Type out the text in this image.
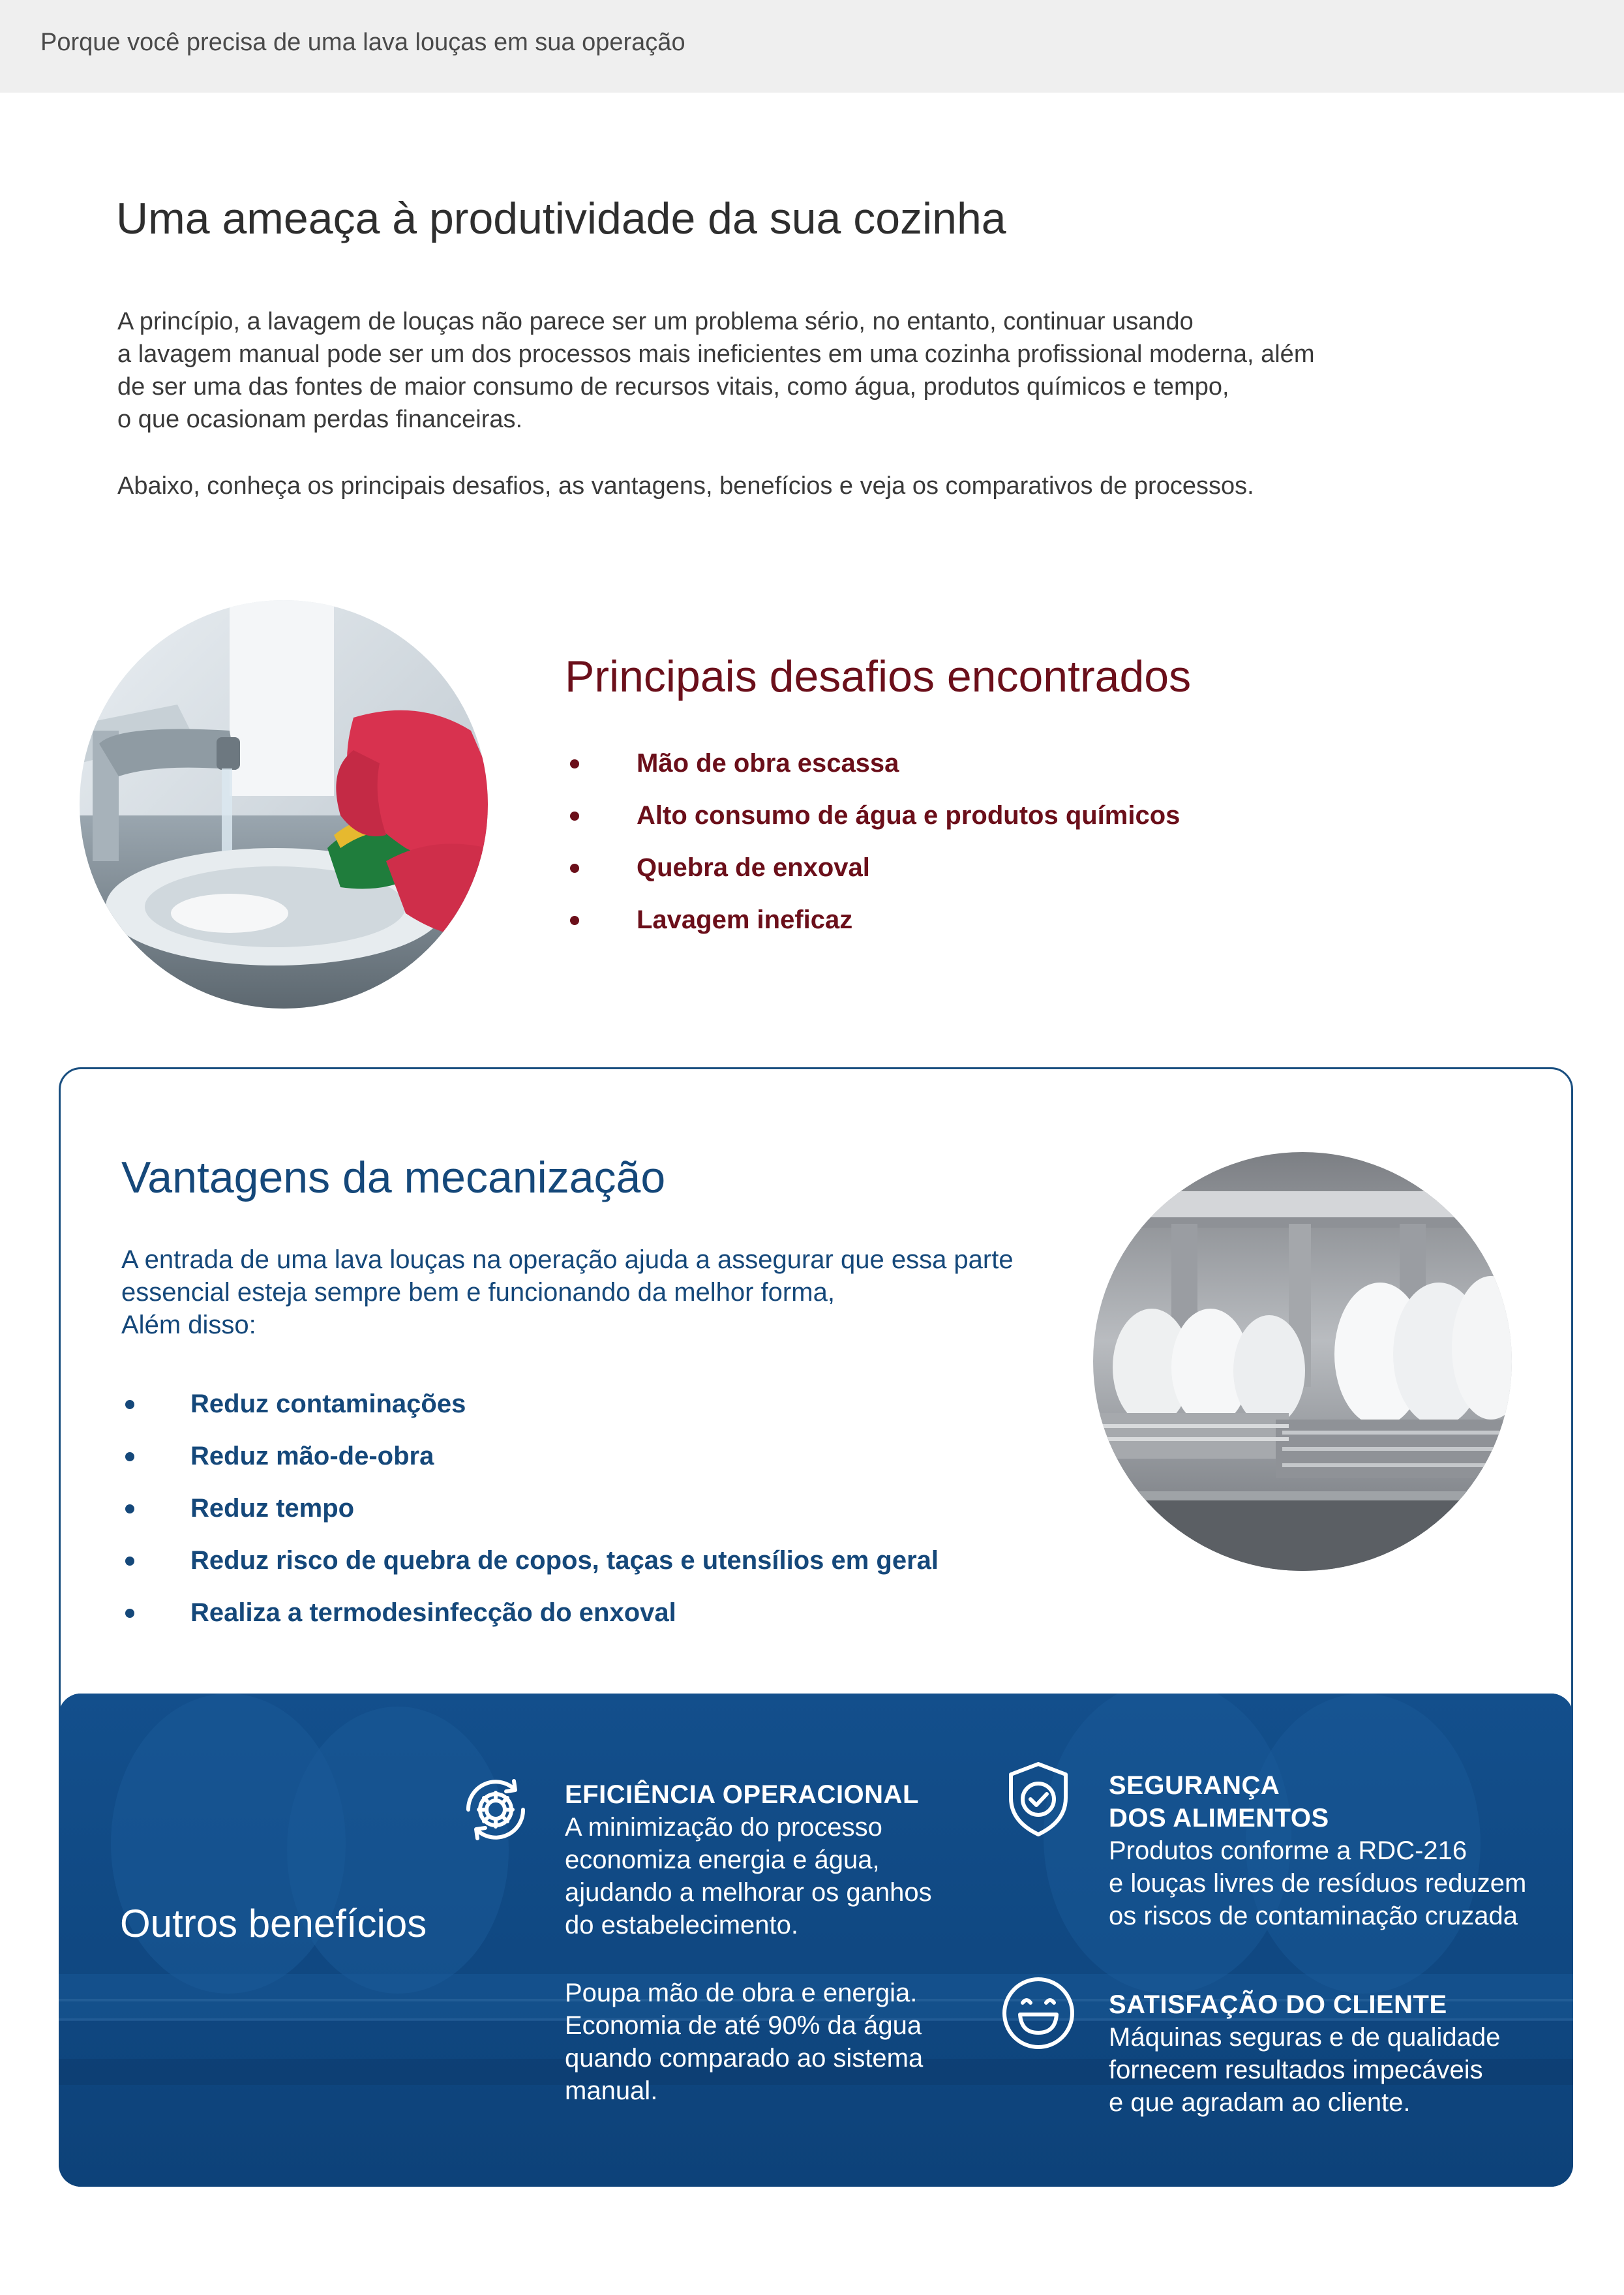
Porque você precisa de uma lava louças em sua operação
Uma ameaça à produtividade da sua cozinha
A princípio, a lavagem de louças não parece ser um problema sério, no entanto, continuar usando
a lavagem manual pode ser um dos processos mais ineficientes em uma cozinha profissional moderna, além
de ser uma das fontes de maior consumo de recursos vitais, como água, produtos químicos e tempo,
o que ocasionam perdas financeiras.
Abaixo, conheça os principais desafios, as vantagens, benefícios e veja os comparativos de processos.
Principais desafios encontrados
Mão de obra escassa
Alto consumo de água e produtos químicos
Quebra de enxoval
Lavagem ineficaz
Vantagens da mecanização
A entrada de uma lava louças na operação ajuda a assegurar que essa parte
essencial esteja sempre bem e funcionando da melhor forma,
Além disso:
Reduz contaminações
Reduz mão-de-obra
Reduz tempo
Reduz risco de quebra de copos, taças e utensílios em geral
Realiza a termodesinfecção do enxoval
Outros benefícios
EFICIÊNCIA OPERACIONAL
A minimização do processo
economiza energia e água,
ajudando a melhorar os ganhos
do estabelecimento.
Poupa mão de obra e energia.
Economia de até 90% da água
quando comparado ao sistema
manual.
SEGURANÇA
DOS ALIMENTOS
Produtos conforme a RDC-216
e louças livres de resíduos reduzem
os riscos de contaminação cruzada
SATISFAÇÃO DO CLIENTE
Máquinas seguras e de qualidade
fornecem resultados impecáveis
e que agradam ao cliente.
